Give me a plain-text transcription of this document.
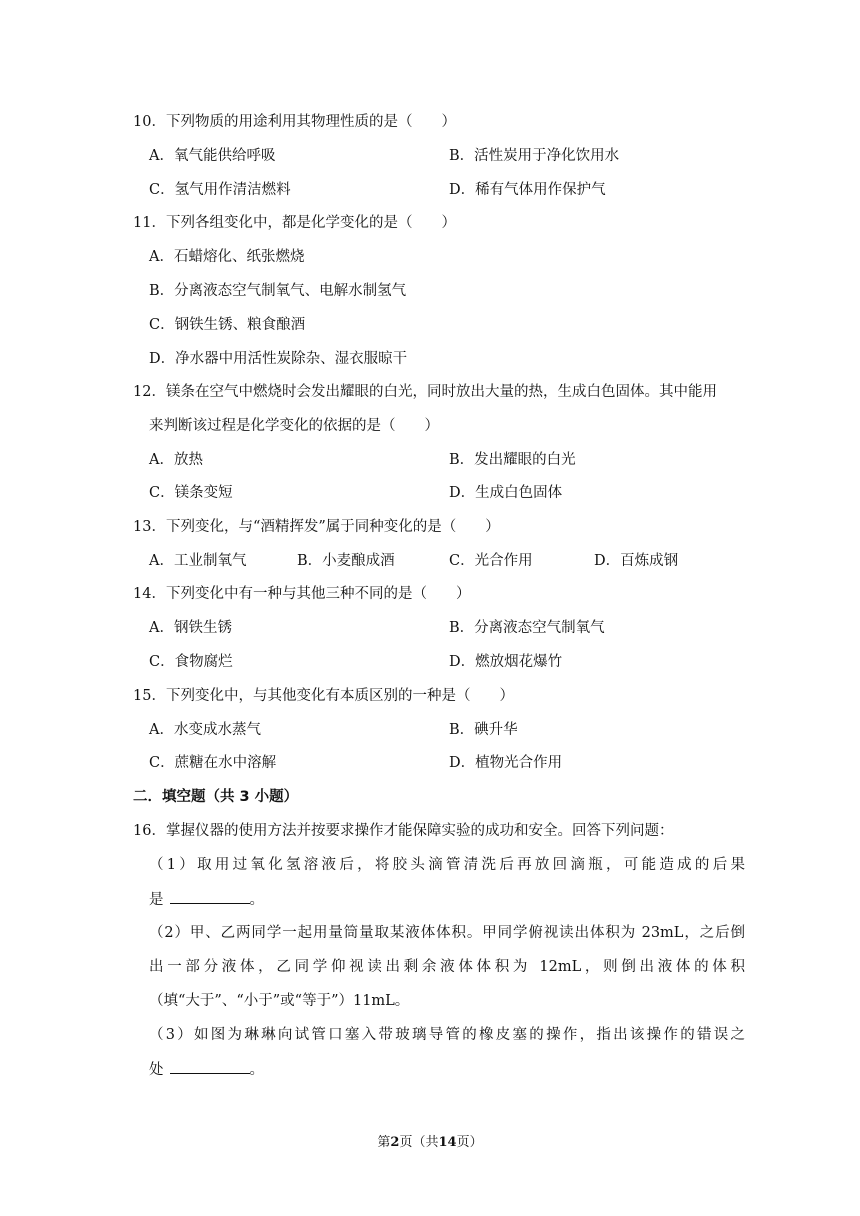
10．下列物质的用途利用其物理性质的是（　　）
A．氧气能供给呼吸	B．活性炭用于净化饮用水
C．氢气用作清洁燃料	D．稀有气体用作保护气
11．下列各组变化中，都是化学变化的是（　　）
A．石蜡熔化、纸张燃烧
B．分离液态空气制氧气、电解水制氢气
C．钢铁生锈、粮食酿酒
D．净水器中用活性炭除杂、湿衣服晾干
12．镁条在空气中燃烧时会发出耀眼的白光，同时放出大量的热，生成白色固体。其中能用
来判断该过程是化学变化的依据的是（　　）
A．放热	B．发出耀眼的白光
C．镁条变短	D．生成白色固体
13．下列变化，与“酒精挥发”属于同种变化的是（　　）
A．工业制氧气	B．小麦酿成酒	C．光合作用	D．百炼成钢
14．下列变化中有一种与其他三种不同的是（　　）
A．钢铁生锈	B．分离液态空气制氧气
C．食物腐烂	D．燃放烟花爆竹
15．下列变化中，与其他变化有本质区别的一种是（　　）
A．水变成水蒸气	B．碘升华
C．蔗糖在水中溶解	D．植物光合作用
二．填空题（共 3 小题）
16．掌握仪器的使用方法并按要求操作才能保障实验的成功和安全。回答下列问题：
（1）取用过氧化氢溶液后，将胶头滴管清洗后再放回滴瓶，可能造成的后果
是	。
（2）甲、乙两同学一起用量筒量取某液体体积。甲同学俯视读出体积为 23mL，之后倒
出一部分液体，乙同学仰视读出剩余液体体积为 12mL，则倒出液体的体积
（填“大于”、“小于”或“等于”）11mL。
（3）如图为琳琳向试管口塞入带玻璃导管的橡皮塞的操作，指出该操作的错误之
处	。
第2页（共14页）
